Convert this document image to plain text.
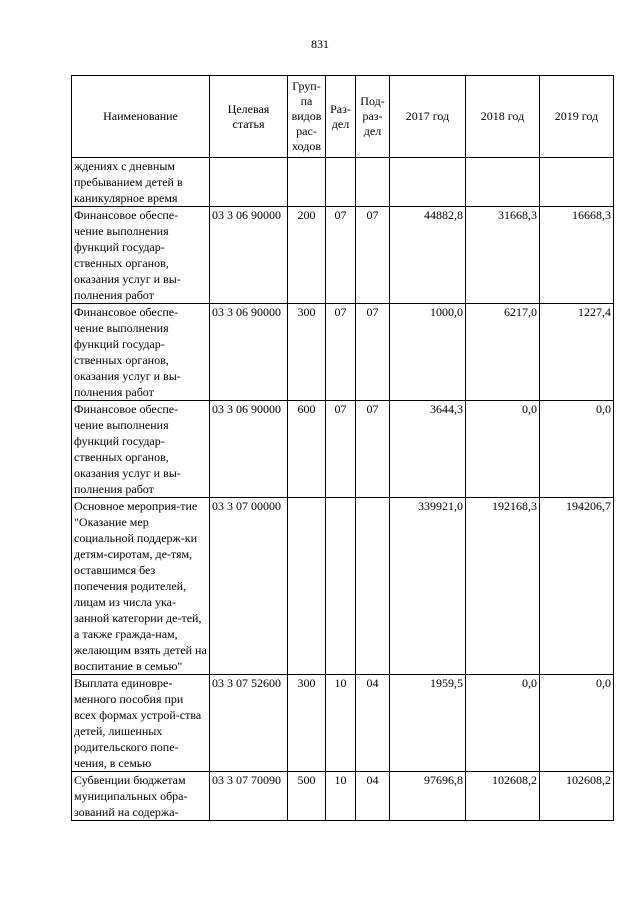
831
Наименование	Целевая статья	Груп-па видов рас-ходов	Раз-дел	Под-раз-дел	2017 год	2018 год	2019 год
ждениях с дневным пребыванием детей в каникулярное время							
Финансовое обеспе-чение выполнения функций государ-ственных органов, оказания услуг и вы-полнения работ	03 3 06 90000	200	07	07	44882,8	31668,3	16668,3
Финансовое обеспе-чение выполнения функций государ-ственных органов, оказания услуг и вы-полнения работ	03 3 06 90000	300	07	07	1000,0	6217,0	1227,4
Финансовое обеспе-чение выполнения функций государ-ственных органов, оказания услуг и вы-полнения работ	03 3 06 90000	600	07	07	3644,3	0,0	0,0
Основное мероприя-тие "Оказание мер социальной поддерж-ки детям-сиротам, де-тям, оставшимся без попечения родителей, лицам из числа ука-занной категории де-тей, а также гражда-нам, желающим взять детей на воспитание в семью"	03 3 07 00000				339921,0	192168,3	194206,7
Выплата единовре-менного пособия при всех формах устрой-ства детей, лишенных родительского попе-чения, в семью	03 3 07 52600	300	10	04	1959,5	0,0	0,0
Субвенции бюджетам муниципальных обра-зований на содержа-	03 3 07 70090	500	10	04	97696,8	102608,2	102608,2
